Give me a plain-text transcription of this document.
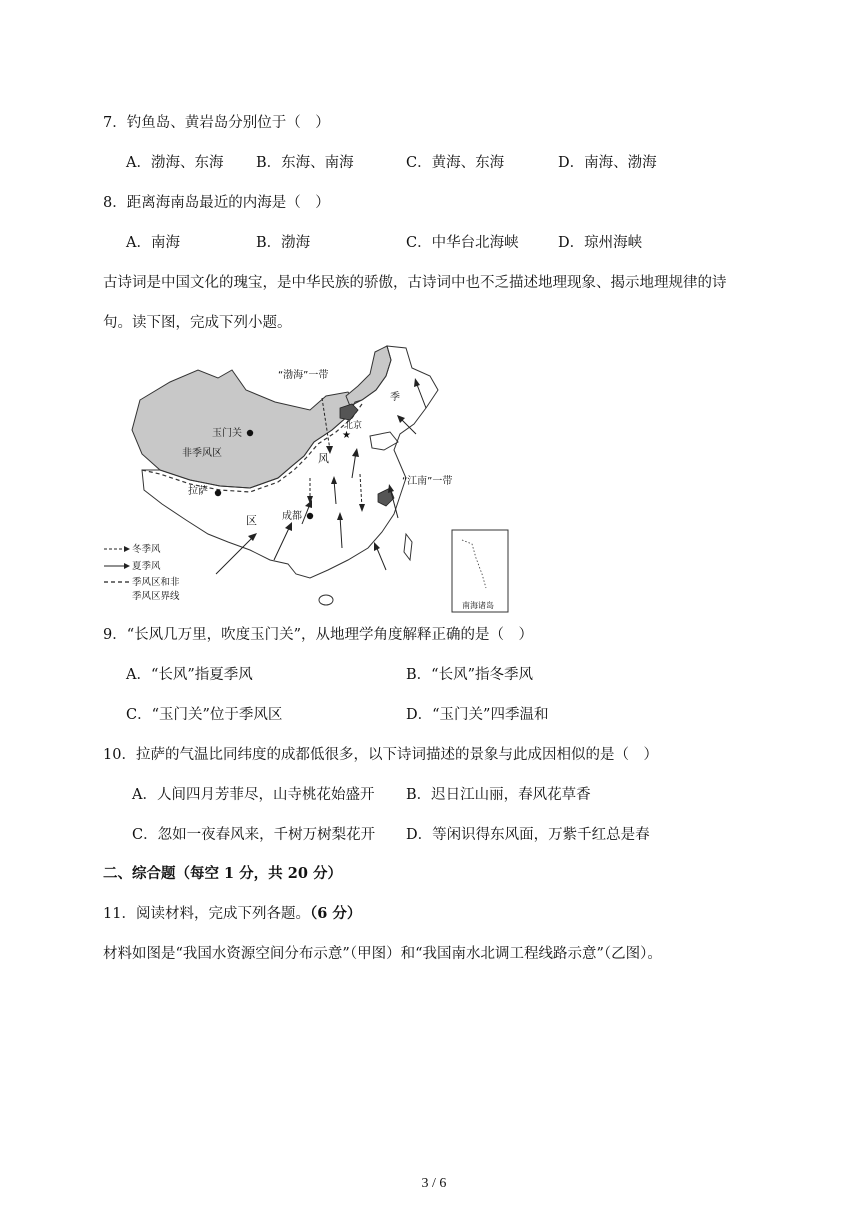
7．钓鱼岛、黄岩岛分别位于（　）
A．渤海、东海 B．东海、南海	C．黄海、东海	D．南海、渤海
8．距离海南岛最近的内海是（　）
A．南海	B．渤海	C．中华台北海峡	D．琼州海峡
古诗词是中国文化的瑰宝，是中华民族的骄傲，古诗词中也不乏描述地理现象、揭示地理规律的诗
句。读下图，完成下列小题。
★
“渤海”一带
季
玉门关
北京
非季风区	风
“江南”一带
拉萨
成都
区
南海诸岛
冬季风
夏季风
季风区和非
季风区界线
9．“长风几万里，吹度玉门关”，从地理学角度解释正确的是（　）
A．“长风”指夏季风	B．“长风”指冬季风
C．“玉门关”位于季风区	D．“玉门关”四季温和
10．拉萨的气温比同纬度的成都低很多，以下诗词描述的景象与此成因相似的是（　）
A．人间四月芳菲尽，山寺桃花始盛开 B．迟日江山丽，春风花草香
C．忽如一夜春风来，千树万树梨花开 D．等闲识得东风面，万紫千红总是春
二、综合题（每空 1 分，共 20 分）
11．阅读材料，完成下列各题。（6 分）
材料如图是“我国水资源空间分布示意”（甲图）和“我国南水北调工程线路示意”（乙图）。
3 / 6
